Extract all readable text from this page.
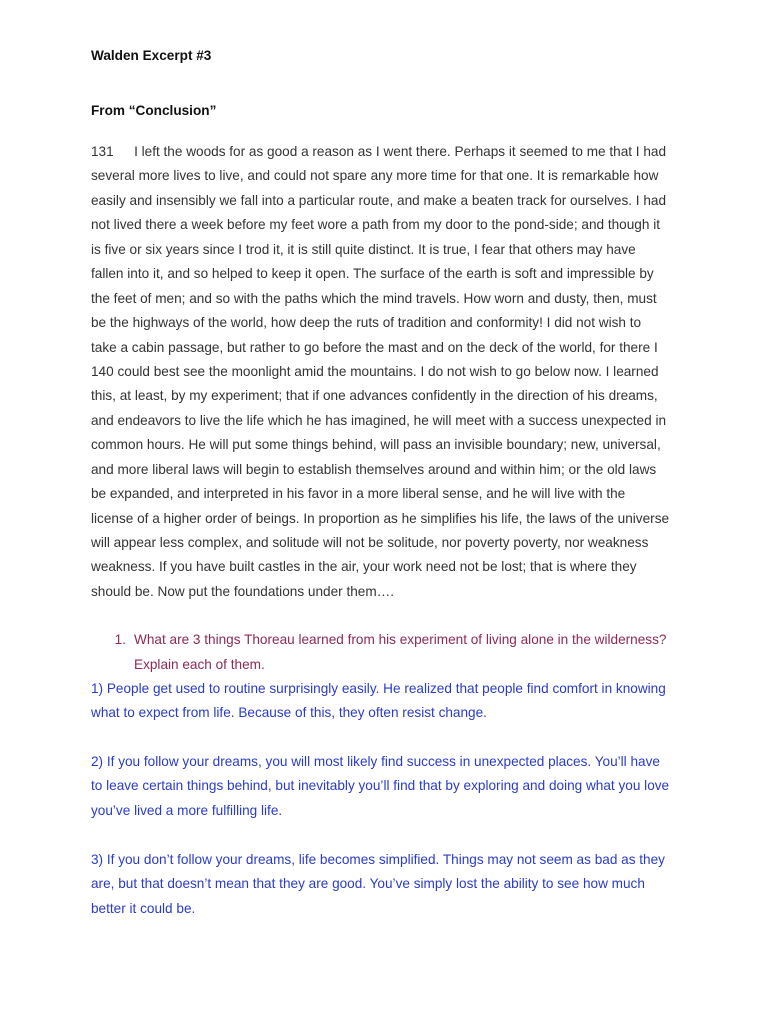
Walden Excerpt #3
From “Conclusion”
131  I left the woods for as good a reason as I went there. Perhaps it seemed to me that I had
several more lives to live, and could not spare any more time for that one. It is remarkable how
easily and insensibly we fall into a particular route, and make a beaten track for ourselves. I had
not lived there a week before my feet wore a path from my door to the pond-side; and though it
is five or six years since I trod it, it is still quite distinct. It is true, I fear that others may have
fallen into it, and so helped to keep it open. The surface of the earth is soft and impressible by
the feet of men; and so with the paths which the mind travels. How worn and dusty, then, must
be the highways of the world, how deep the ruts of tradition and conformity! I did not wish to
take a cabin passage, but rather to go before the mast and on the deck of the world, for there I
140 could best see the moonlight amid the mountains. I do not wish to go below now. I learned
this, at least, by my experiment; that if one advances confidently in the direction of his dreams,
and endeavors to live the life which he has imagined, he will meet with a success unexpected in
common hours. He will put some things behind, will pass an invisible boundary; new, universal,
and more liberal laws will begin to establish themselves around and within him; or the old laws
be expanded, and interpreted in his favor in a more liberal sense, and he will live with the
license of a higher order of beings. In proportion as he simplifies his life, the laws of the universe
will appear less complex, and solitude will not be solitude, nor poverty poverty, nor weakness
weakness. If you have built castles in the air, your work need not be lost; that is where they
should be. Now put the foundations under them….
1. What are 3 things Thoreau learned from his experiment of living alone in the wilderness?
Explain each of them.
1) People get used to routine surprisingly easily. He realized that people find comfort in knowing
what to expect from life. Because of this, they often resist change.
2) If you follow your dreams, you will most likely find success in unexpected places. You’ll have
to leave certain things behind, but inevitably you’ll find that by exploring and doing what you love
you’ve lived a more fulfilling life.
3) If you don’t follow your dreams, life becomes simplified. Things may not seem as bad as they
are, but that doesn’t mean that they are good. You’ve simply lost the ability to see how much
better it could be.
